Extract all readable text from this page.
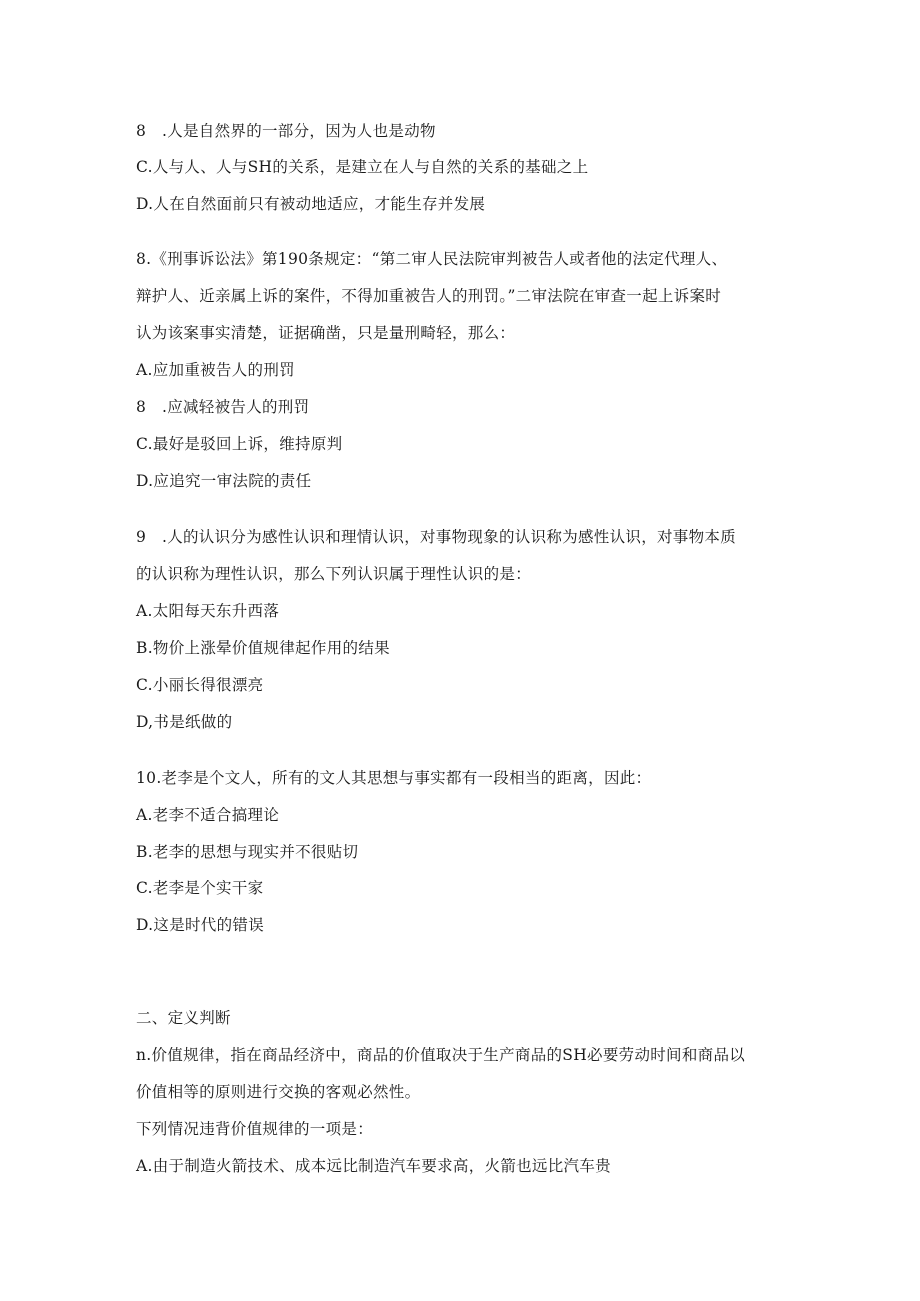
8　.人是自然界的一部分，因为人也是动物
C.人与人、人与SH的关系，是建立在人与自然的关系的基础之上
D.人在自然面前只有被动地适应，才能生存并发展
8.《刑事诉讼法》第190条规定：“第二审人民法院审判被告人或者他的法定代理人、
辩护人、近亲属上诉的案件，不得加重被告人的刑罚。”二审法院在审查一起上诉案时
认为该案事实清楚，证据确凿，只是量刑畸轻，那么：
A.应加重被告人的刑罚
8　.应减轻被告人的刑罚
C.最好是驳回上诉，维持原判
D.应追究一审法院的责任
9　.人的认识分为感性认识和理情认识，对事物现象的认识称为感性认识，对事物本质
的认识称为理性认识，那么下列认识属于理性认识的是：
A.太阳每天东升西落
B.物价上涨晕价值规律起作用的结果
C.小丽长得很漂亮
D,书是纸做的
10.老李是个文人，所有的文人其思想与事实都有一段相当的距离，因此：
A.老李不适合搞理论
B.老李的思想与现实并不很贴切
C.老李是个实干家
D.这是时代的错误
二、定义判断
n.价值规律，指在商品经济中，商品的价值取决于生产商品的SH必要劳动时间和商品以
价值相等的原则进行交换的客观必然性。
下列情况违背价值规律的一项是：
A.由于制造火箭技术、成本远比制造汽车要求高，火箭也远比汽车贵
